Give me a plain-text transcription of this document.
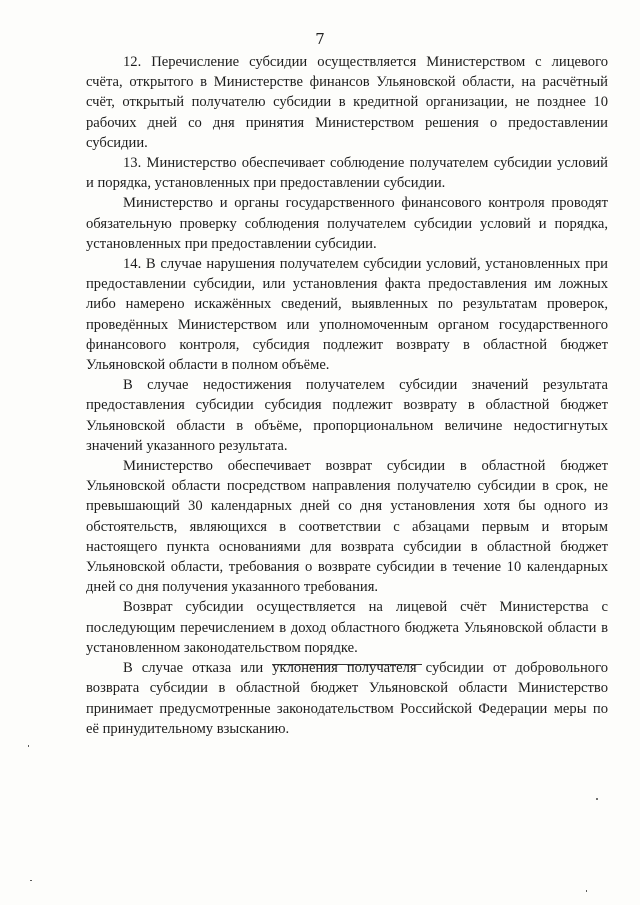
7

12. Перечисление субсидии осуществляется Министерством с лицевого счёта, открытого в Министерстве финансов Ульяновской области, на расчётный счёт, открытый получателю субсидии в кредитной организации, не позднее 10 рабочих дней со дня принятия Министерством решения о предоставлении субсидии.

13. Министерство обеспечивает соблюдение получателем субсидии условий и порядка, установленных при предоставлении субсидии.

Министерство и органы государственного финансового контроля проводят обязательную проверку соблюдения получателем субсидии условий и порядка, установленных при предоставлении субсидии.

14. В случае нарушения получателем субсидии условий, установленных при предоставлении субсидии, или установления факта предоставления им ложных либо намерено искажённых сведений, выявленных по результатам проверок, проведённых Министерством или уполномоченным органом государственного финансового контроля, субсидия подлежит возврату в областной бюджет Ульяновской области в полном объёме.

В случае недостижения получателем субсидии значений результата предоставления субсидии субсидия подлежит возврату в областной бюджет Ульяновской области в объёме, пропорциональном величине недостигнутых значений указанного результата.

Министерство обеспечивает возврат субсидии в областной бюджет Ульяновской области посредством направления получателю субсидии в срок, не превышающий 30 календарных дней со дня установления хотя бы одного из обстоятельств, являющихся в соответствии с абзацами первым и вторым настоящего пункта основаниями для возврата субсидии в областной бюджет Ульяновской области, требования о возврате субсидии в течение 10 календарных дней со дня получения указанного требования.

Возврат субсидии осуществляется на лицевой счёт Министерства с последующим перечислением в доход областного бюджета Ульяновской области в установленном законодательством порядке.

В случае отказа или уклонения получателя субсидии от добровольного возврата субсидии в областной бюджет Ульяновской области Министерство принимает предусмотренные законодательством Российской Федерации меры по её принудительному взысканию.
